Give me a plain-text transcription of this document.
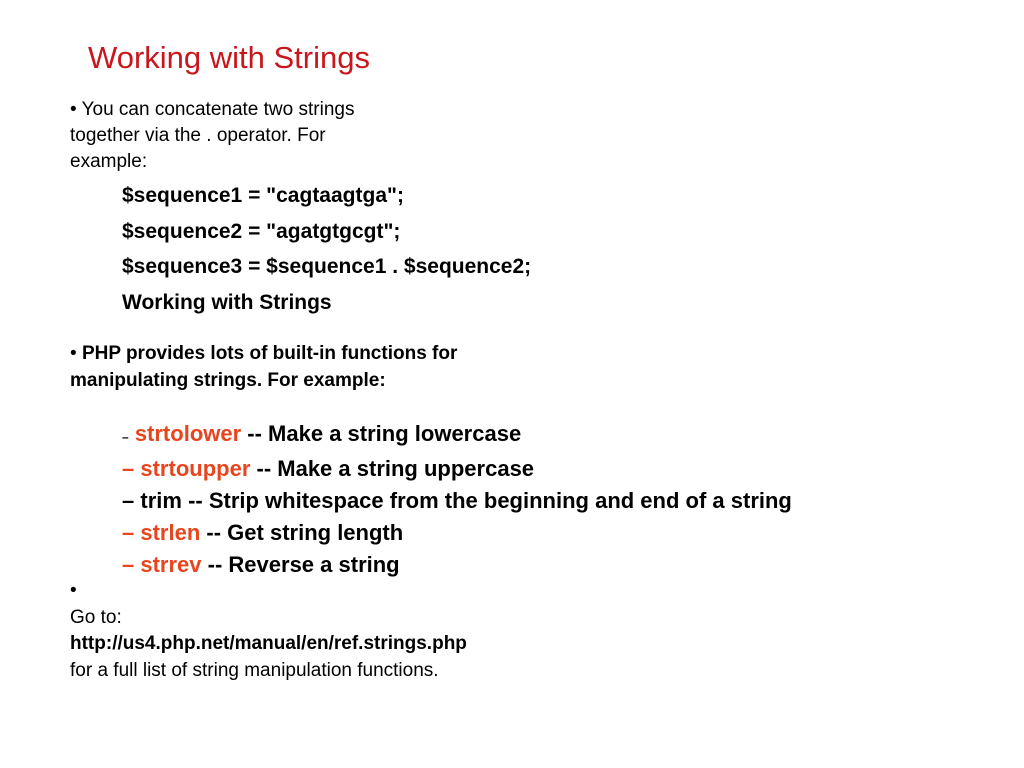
Working with Strings
• You can concatenate two strings
together via the . operator. For
example:
$sequence1 = "cagtaagtga";
$sequence2 = "agatgtgcgt";
$sequence3 = $sequence1 . $sequence2;
Working with Strings
• PHP provides lots of built-in functions for
manipulating strings. For example:
– strtolower -- Make a string lowercase
– strtoupper -- Make a string uppercase
– trim -- Strip whitespace from the beginning and end of a string
– strlen -- Get string length
– strrev -- Reverse a string
•
Go to:
http://us4.php.net/manual/en/ref.strings.php
for a full list of string manipulation functions.
